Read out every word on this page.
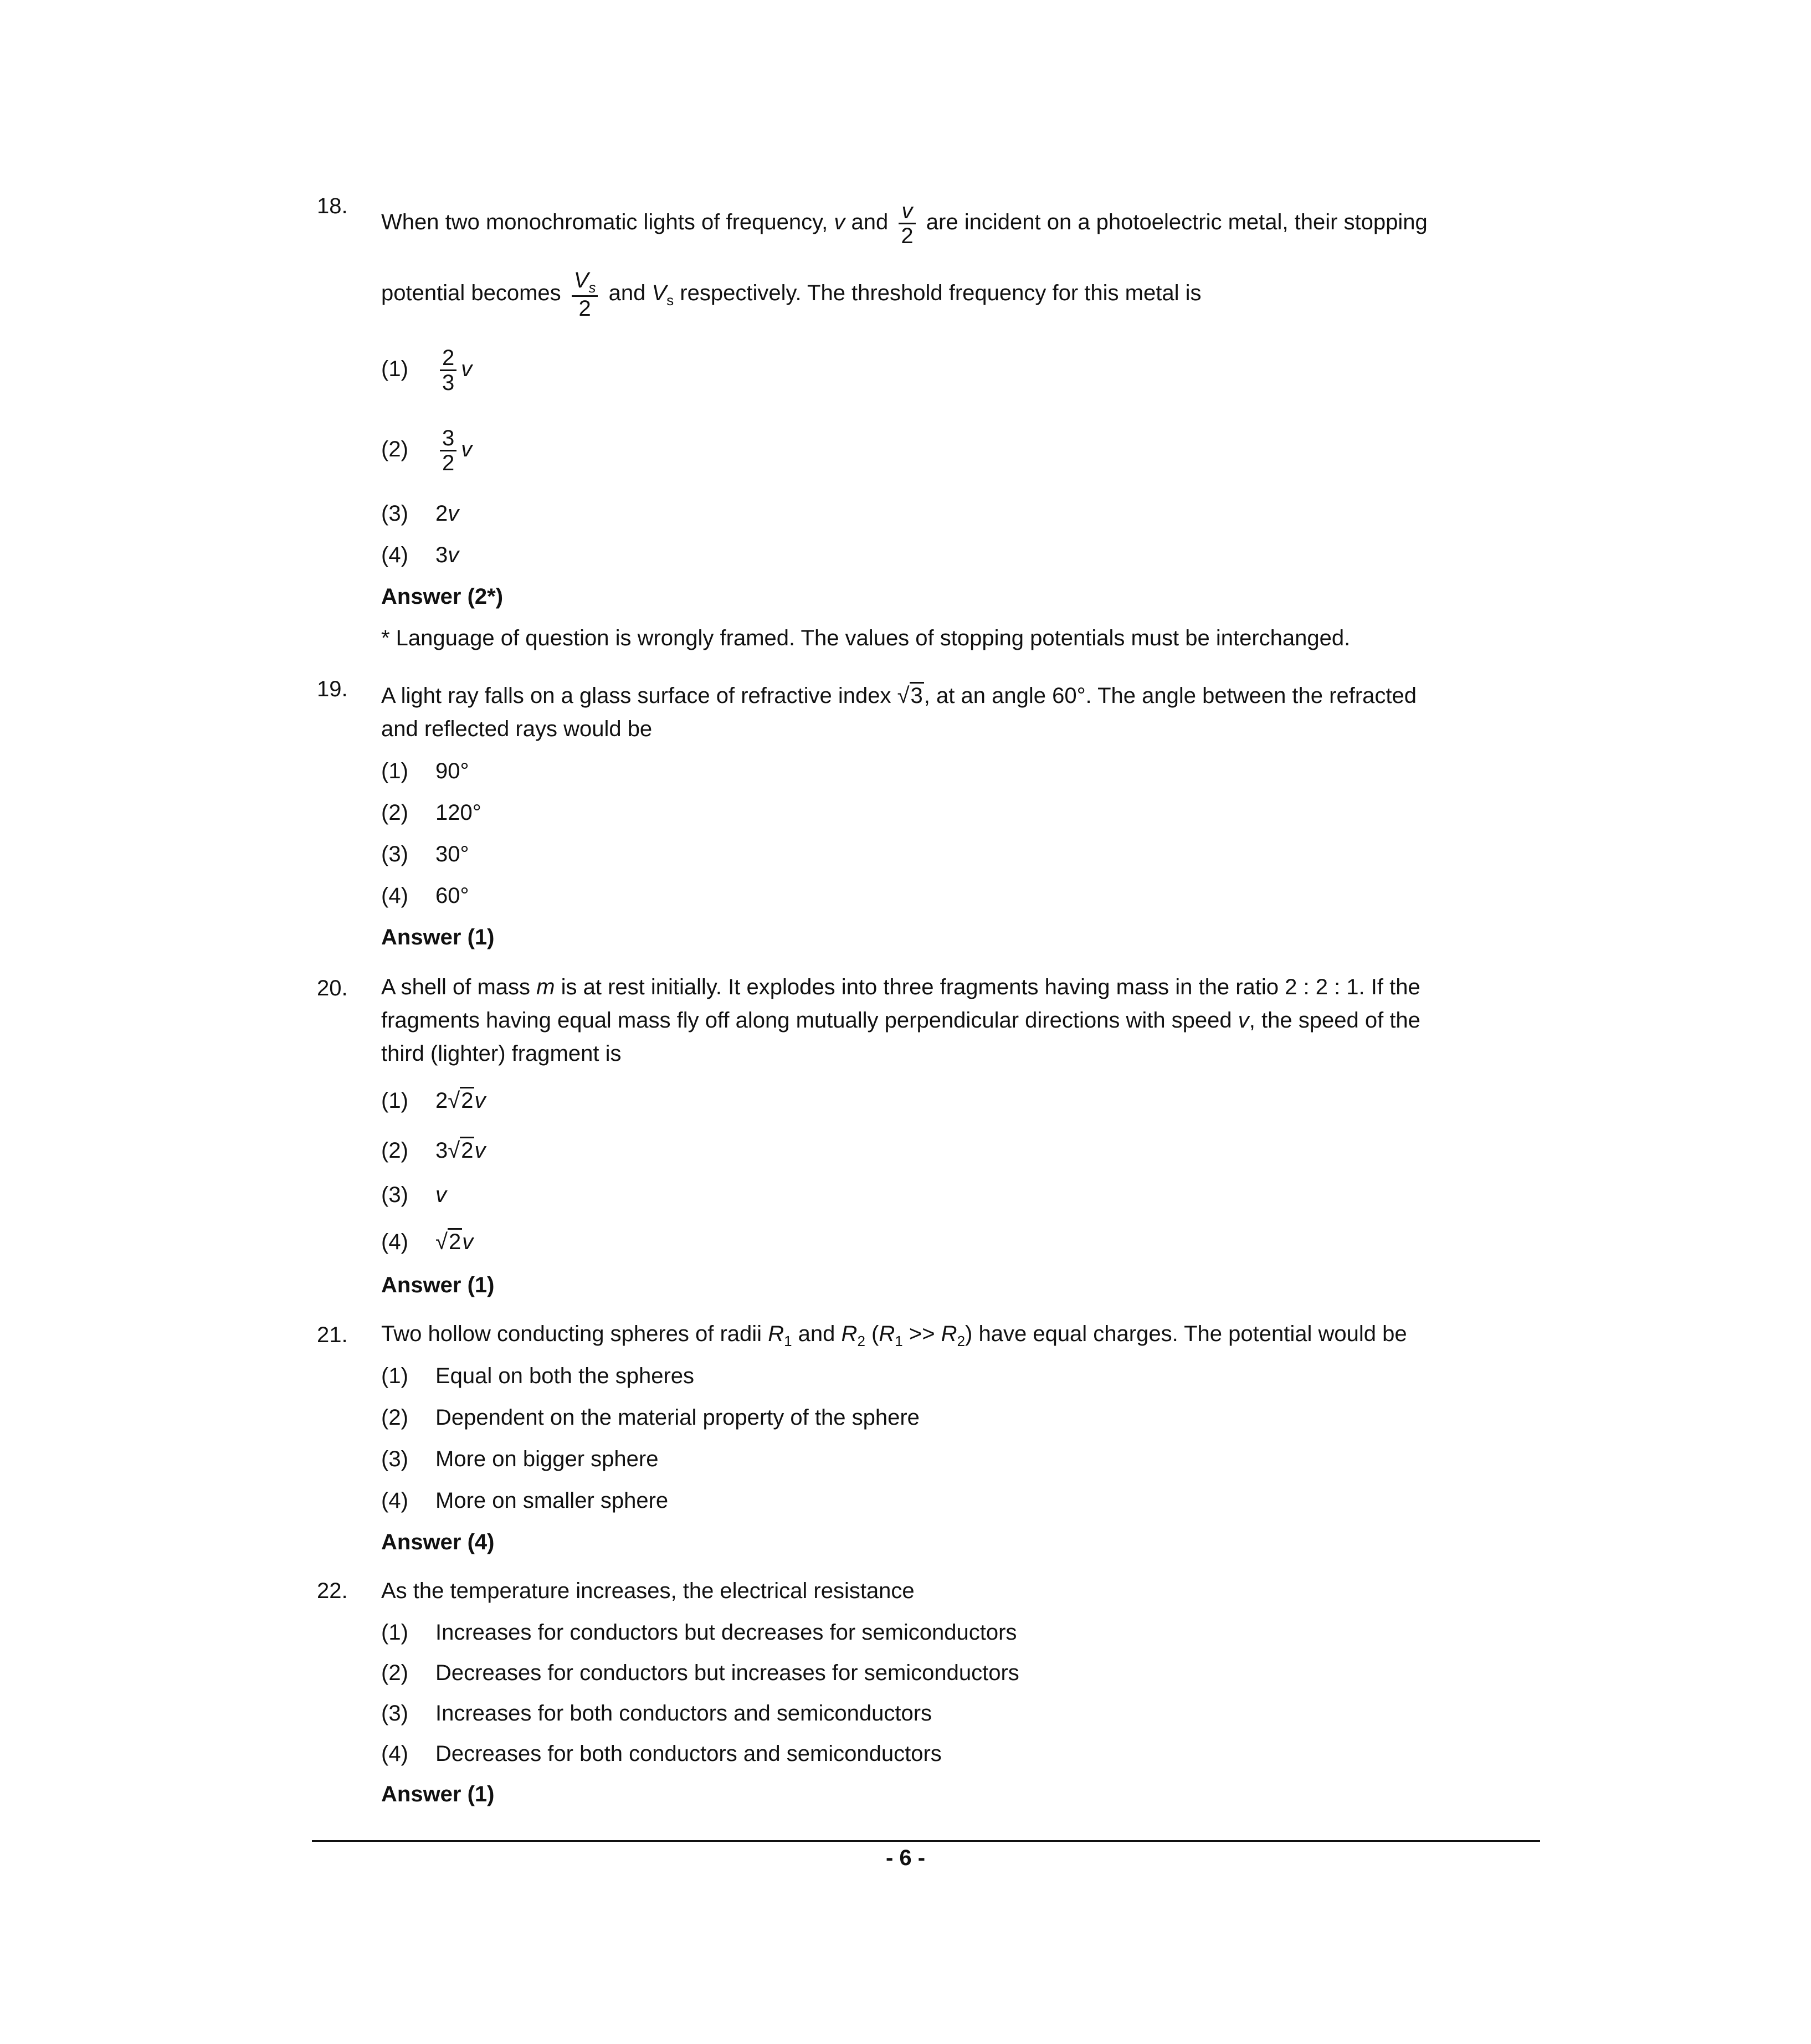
18.
When two monochromatic lights of frequency, v and $\frac{v}{2}$ are incident on a photoelectric metal, their stopping
potential becomes $\frac{V_s}{2}$ and $V_s$ respectively. The threshold frequency for this metal is
$(1) \frac{2}{3}$ v
$(2) \frac{3}{2}$ v
(3) 2v
(4) 3v
Answer (2*)
* Language of question is wrongly framed. The values of stopping potentials must be interchanged.
19. A light ray falls on a glass surface of refractive index √3, at an angle 60°. The angle between the refracted
and reflected rays would be
(1) 90°
(2) 120°
(3) 30°
(4) 60°
Answer (1)
20. A shell of mass m is at rest initially. It explodes into three fragments having mass in the ratio 2 : 2 : 1. If the
fragments having equal mass fly off along mutually perpendicular directions with speed v, the speed of the
third (lighter) fragment is
(1) 2√2v
(2) 3√2v
(3) v
(4) √2v
Answer (1)
21. Two hollow conducting spheres of radii $R_1$ and $R_2$ $(R_1 >> R_2)$ have equal charges. The potential would be
(1) Equal on both the spheres
(2) Dependent on the material property of the sphere
(3) More on bigger sphere
(4) More on smaller sphere
Answer (4)
22. As the temperature increases, the electrical resistance
(1) Increases for conductors but decreases for semiconductors
(2) Decreases for conductors but increases for semiconductors
(3) Increases for both conductors and semiconductors
(4) Decreases for both conductors and semiconductors
Answer (1)
- 6 -
